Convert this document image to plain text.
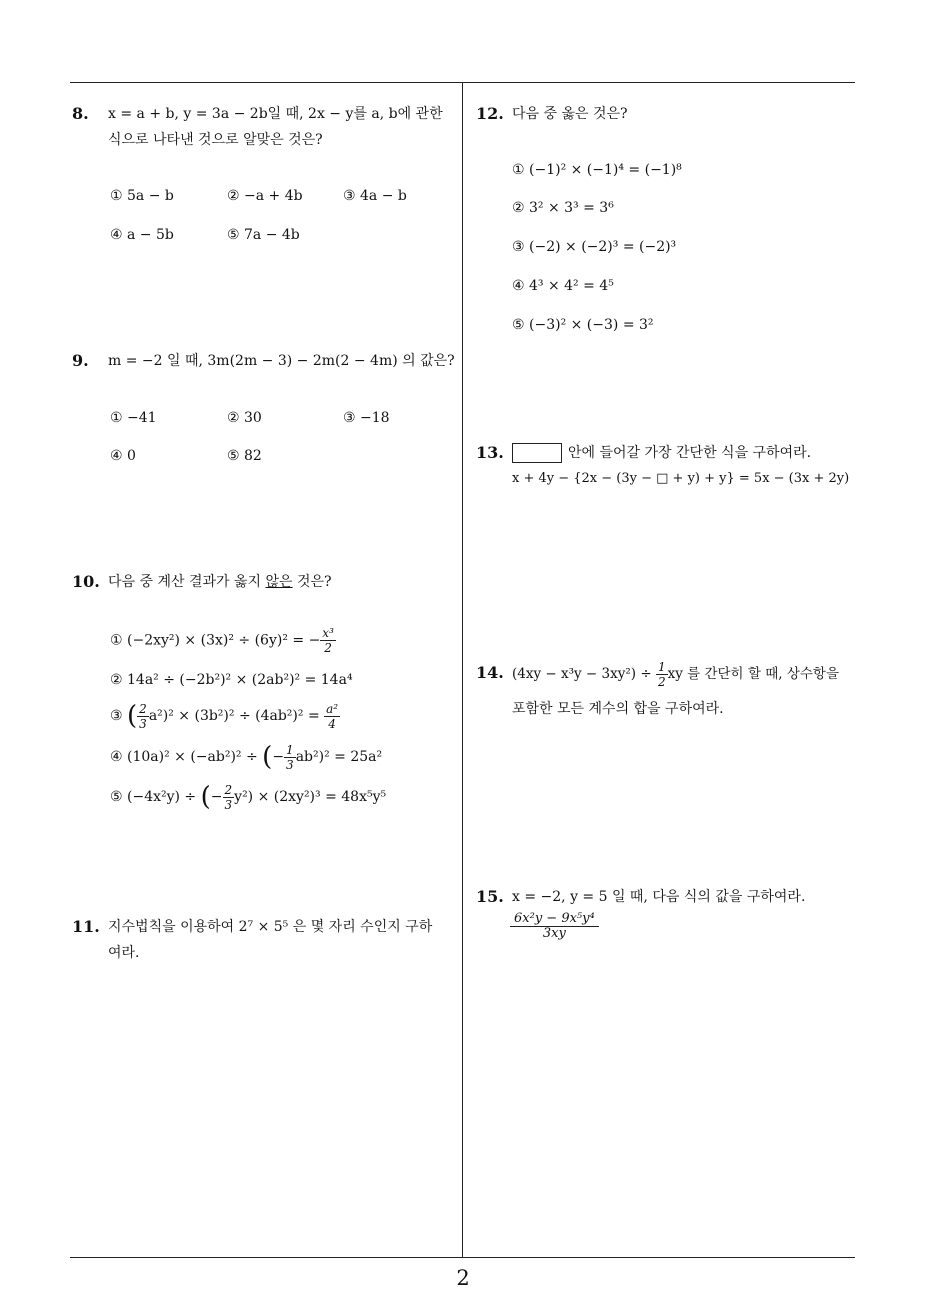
2
8. x = a + b, y = 3a − 2b일 때, 2x − y를 a, b에 관한
식으로 나타낸 것으로 알맞은 것은?
① 5a − b	② −a + 4b	③ 4a − b
④ a − 5b	⑤ 7a − 4b
9. m = −2 일 때, 3m(2m − 3) − 2m(2 − 4m) 의 값은?
① −41	② 30	③ −18
④ 0	⑤ 82
10. 다음 중 계산 결과가 옳지 않은 것은?
① (−2xy²) × (3x)² ÷ (6y)² = − $\frac{\text{x³}}{2}$
② 14a² ÷ (−2b²)² × (2ab²)² = 14a⁴
③ ( $\frac{2}{3} a^2)^2 \times (3b^2)^2 \div (4ab^2)^2 = \frac{\text{a²}}{4}$
④ (10a)² × (−ab²)² ÷ (− $\frac{1}{3} ab^2)^2 = 25a^2$
⑤ (−4x²y) ÷ (− $\frac{2}{3} y^2) \times (2xy^2)^3 = 48x^5y^5$
11. 지수법칙을 이용하여 2⁷ × 5⁵ 은 몇 자리 수인지 구하
여라.
12. 다음 중 옳은 것은?
① (−1)² × (−1)⁴ = (−1)⁸
② 3² × 3³ = 3⁶
③ (−2) × (−2)³ = (−2)³
④ 4³ × 4² = 4⁵
⑤ (−3)² × (−3) = 3²
13.	안에 들어갈 가장 간단한 식을 구하여라.
x + 4y − {2x − (3y − □ + y) + y} = 5x − (3x + 2y)
14. $(4xy - x^3y - 3xy^2) \div \frac{1}{2}$ xy 를 간단히 할 때, 상수항을
포함한 모든 계수의 합을 구하여라.
15. x = −2, y = 5 일 때, 다음 식의 값을 구하여라.
$\frac{\text{6x²y − 9x⁵y⁴}}{3xy}$
